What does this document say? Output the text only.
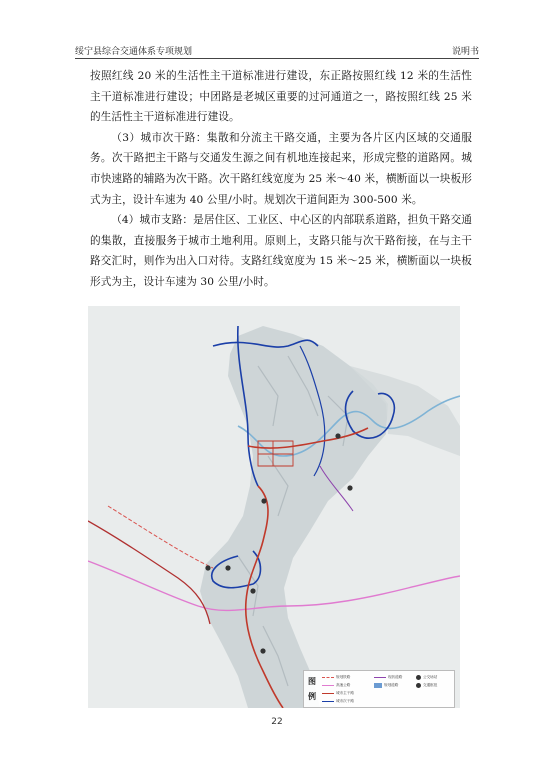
绥宁县综合交通体系专项规划	说明书

按照红线 20 米的生活性主干道标准进行建设，东正路按照红线 12 米的生活性主干道标准进行建设；中团路是老城区重要的过河通道之一，路按照红线 25 米的生活性主干道标准进行建设。

（3）城市次干路：集散和分流主干路交通，主要为各片区内区域的交通服务。次干路把主干路与交通发生源之间有机地连接起来，形成完整的道路网。城市快速路的辅路为次干路。次干路红线宽度为 25 米～40 米，横断面以一块板形式为主，设计车速为 40 公里/小时。规划次干道间距为 300-500 米。

（4）城市支路：是居住区、工业区、中心区的内部联系道路，担负干路交通的集散，直接服务于城市土地利用。原则上，支路只能与次干路衔接，在与主干路交汇时，则作为出入口对待。支路红线宽度为 15 米～25 米，横断面以一块板形式为主，设计车速为 30 公里/小时。

图例
规划铁路
高速公路
城市主干路
城市次干路
现状道路
规划道路
公交场站
交通枢纽
22
